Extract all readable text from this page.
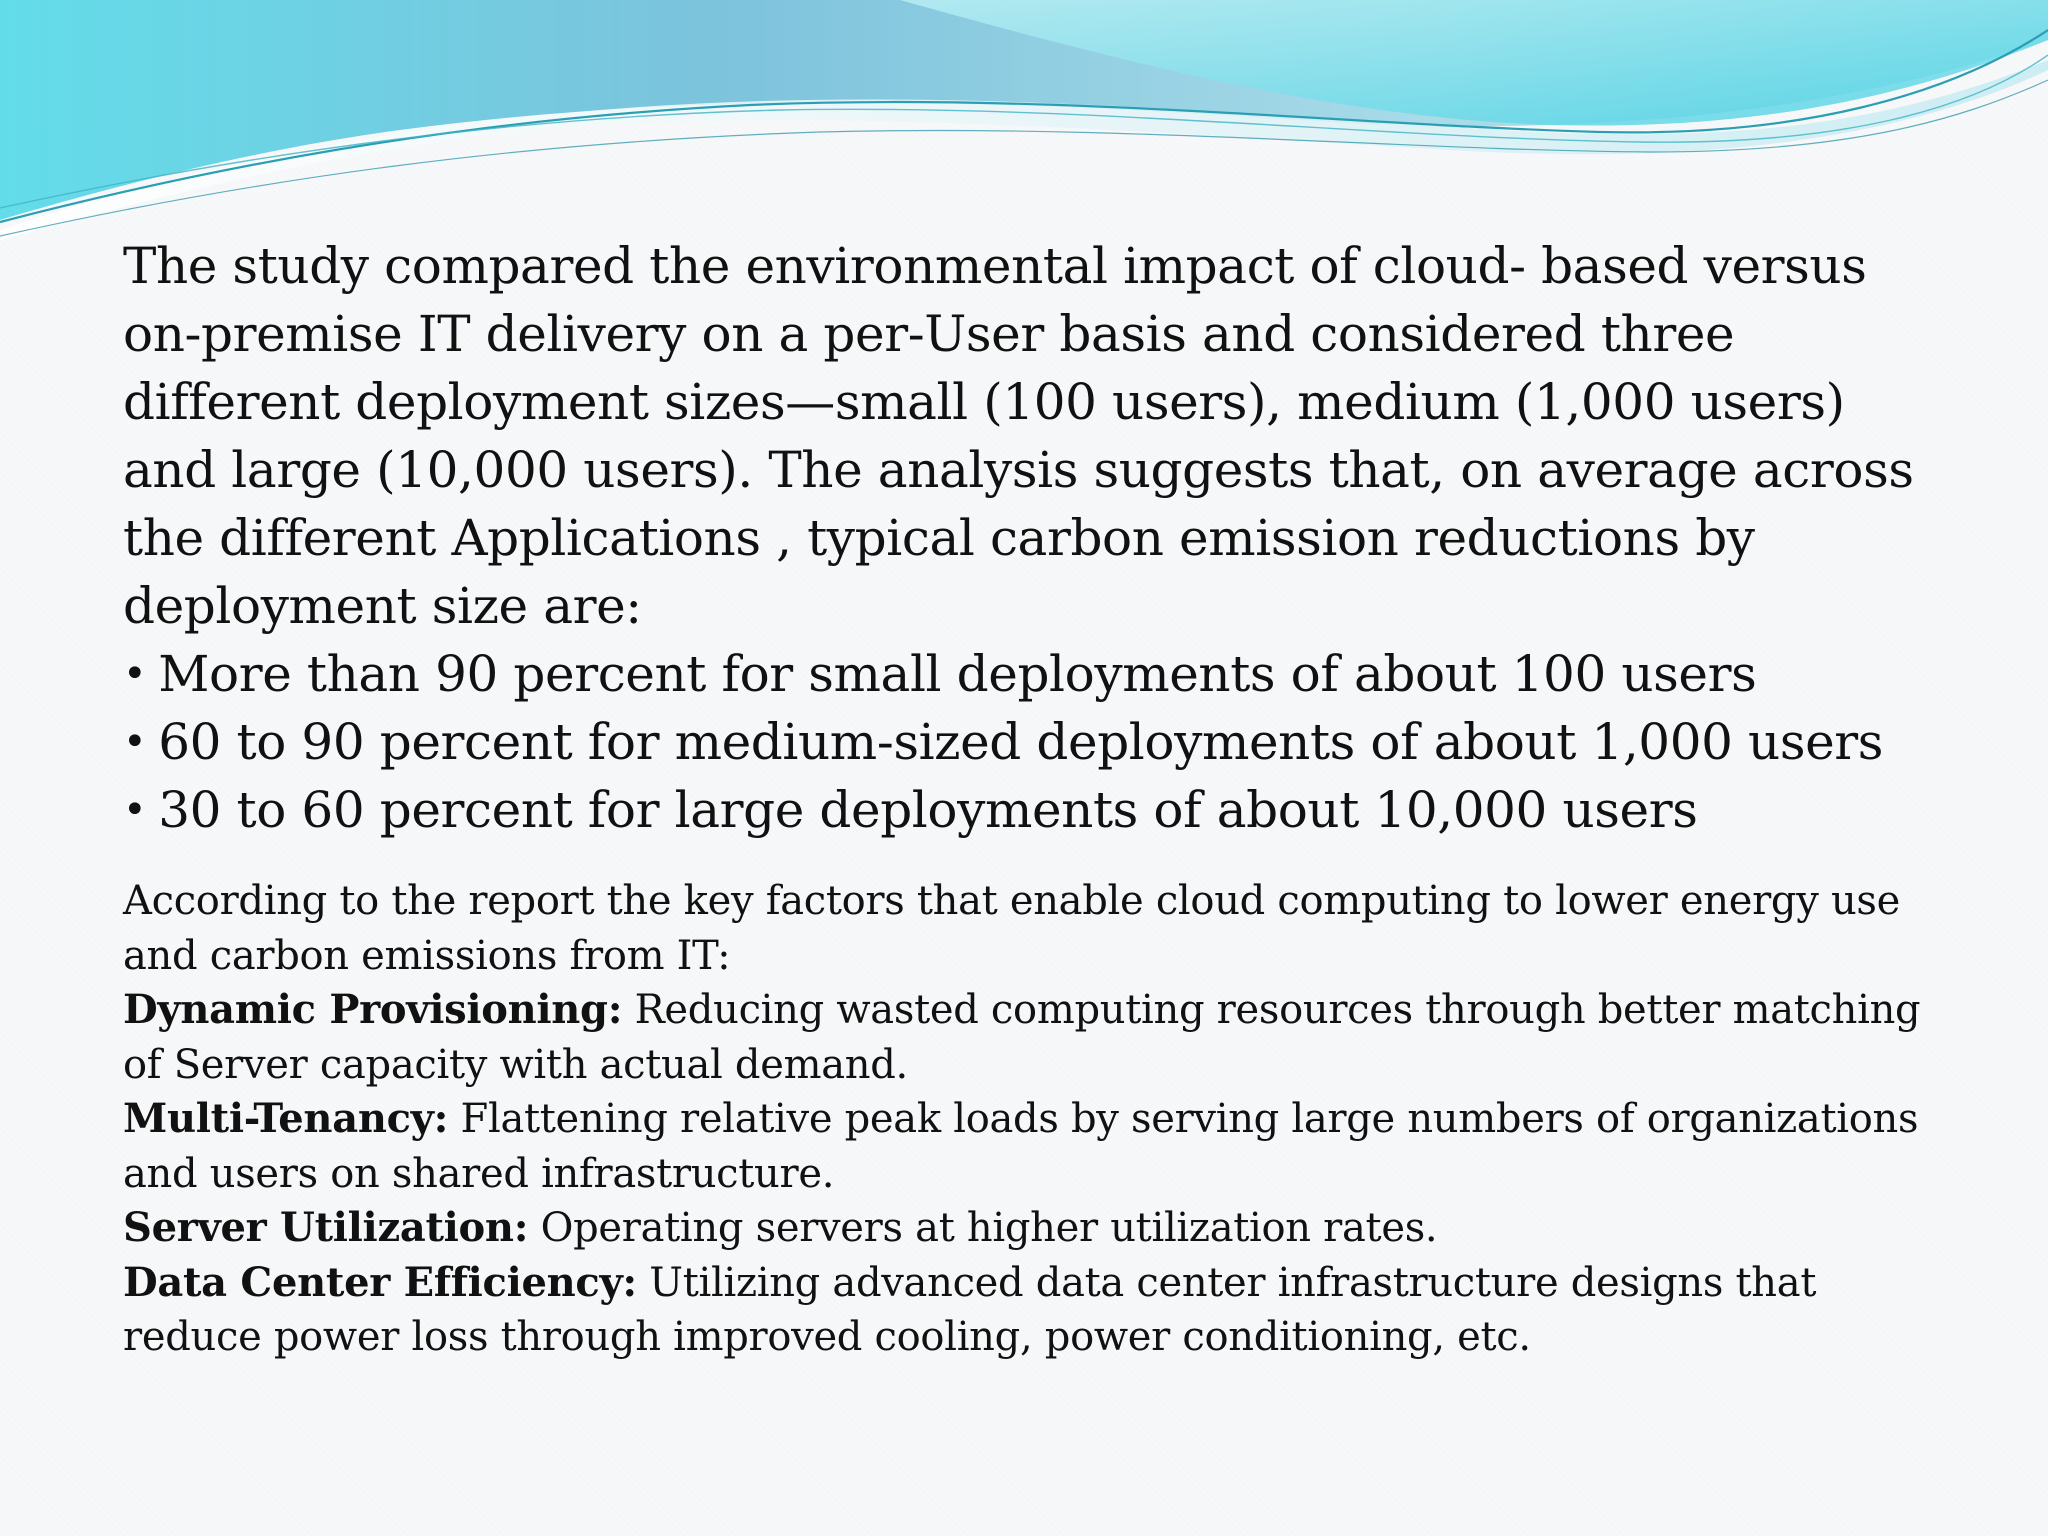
The study compared the environmental impact of cloud- based versus on-premise IT delivery on a per-User basis and considered three different deployment sizes—small (100 users), medium (1,000 users) and large (10,000 users). The analysis suggests that, on average across the different Applications , typical carbon emission reductions by deployment size are:

• More than 90 percent for small deployments of about 100 users
• 60 to 90 percent for medium-sized deployments of about 1,000 users
• 30 to 60 percent for large deployments of about 10,000 users

According to the report the key factors that enable cloud computing to lower energy use and carbon emissions from IT:

Dynamic Provisioning: Reducing wasted computing resources through better matching of Server capacity with actual demand.

Multi-Tenancy: Flattening relative peak loads by serving large numbers of organizations and users on shared infrastructure.

Server Utilization: Operating servers at higher utilization rates.

Data Center Efficiency: Utilizing advanced data center infrastructure designs that reduce power loss through improved cooling, power conditioning, etc.
